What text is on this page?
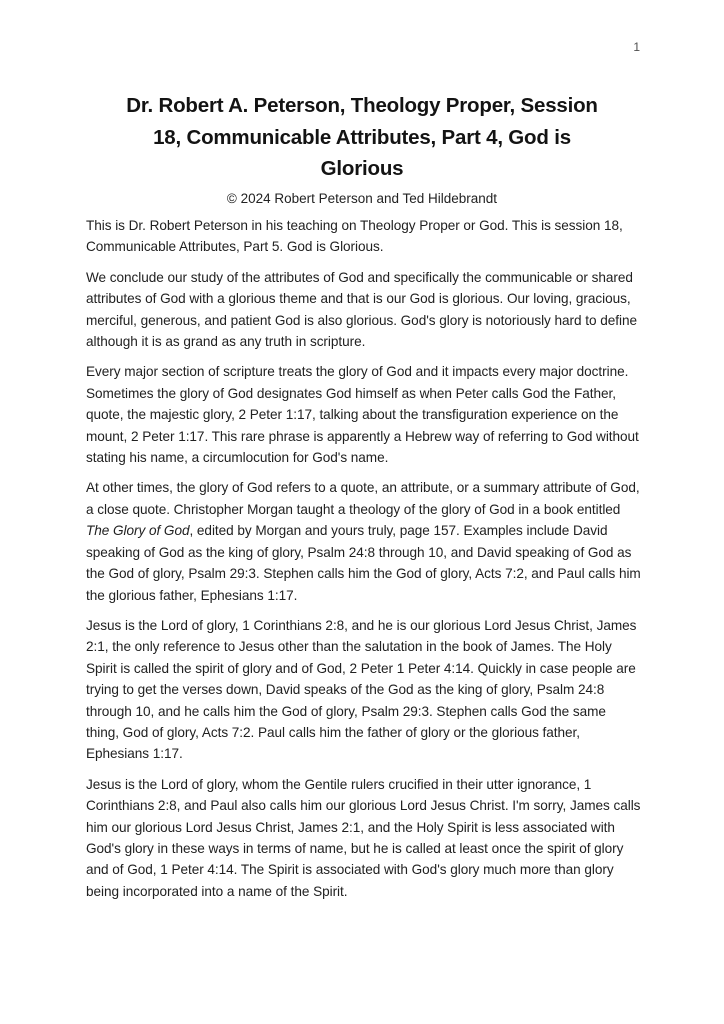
1
Dr. Robert A. Peterson, Theology Proper, Session
18, Communicable Attributes, Part 4, God is
Glorious
© 2024 Robert Peterson and Ted Hildebrandt

This is Dr. Robert Peterson in his teaching on Theology Proper or God. This is session 18, Communicable Attributes, Part 5. God is Glorious.

We conclude our study of the attributes of God and specifically the communicable or shared attributes of God with a glorious theme and that is our God is glorious. Our loving, gracious, merciful, generous, and patient God is also glorious. God's glory is notoriously hard to define although it is as grand as any truth in scripture.

Every major section of scripture treats the glory of God and it impacts every major doctrine. Sometimes the glory of God designates God himself as when Peter calls God the Father, quote, the majestic glory, 2 Peter 1:17, talking about the transfiguration experience on the mount, 2 Peter 1:17. This rare phrase is apparently a Hebrew way of referring to God without stating his name, a circumlocution for God's name.

At other times, the glory of God refers to a quote, an attribute, or a summary attribute of God, a close quote. Christopher Morgan taught a theology of the glory of God in a book entitled The Glory of God, edited by Morgan and yours truly, page 157. Examples include David speaking of God as the king of glory, Psalm 24:8 through 10, and David speaking of God as the God of glory, Psalm 29:3. Stephen calls him the God of glory, Acts 7:2, and Paul calls him the glorious father, Ephesians 1:17.

Jesus is the Lord of glory, 1 Corinthians 2:8, and he is our glorious Lord Jesus Christ, James 2:1, the only reference to Jesus other than the salutation in the book of James. The Holy Spirit is called the spirit of glory and of God, 2 Peter 1 Peter 4:14. Quickly in case people are trying to get the verses down, David speaks of the God as the king of glory, Psalm 24:8 through 10, and he calls him the God of glory, Psalm 29:3. Stephen calls God the same thing, God of glory, Acts 7:2. Paul calls him the father of glory or the glorious father, Ephesians 1:17.

Jesus is the Lord of glory, whom the Gentile rulers crucified in their utter ignorance, 1 Corinthians 2:8, and Paul also calls him our glorious Lord Jesus Christ. I'm sorry, James calls him our glorious Lord Jesus Christ, James 2:1, and the Holy Spirit is less associated with God's glory in these ways in terms of name, but he is called at least once the spirit of glory and of God, 1 Peter 4:14. The Spirit is associated with God's glory much more than glory being incorporated into a name of the Spirit.
